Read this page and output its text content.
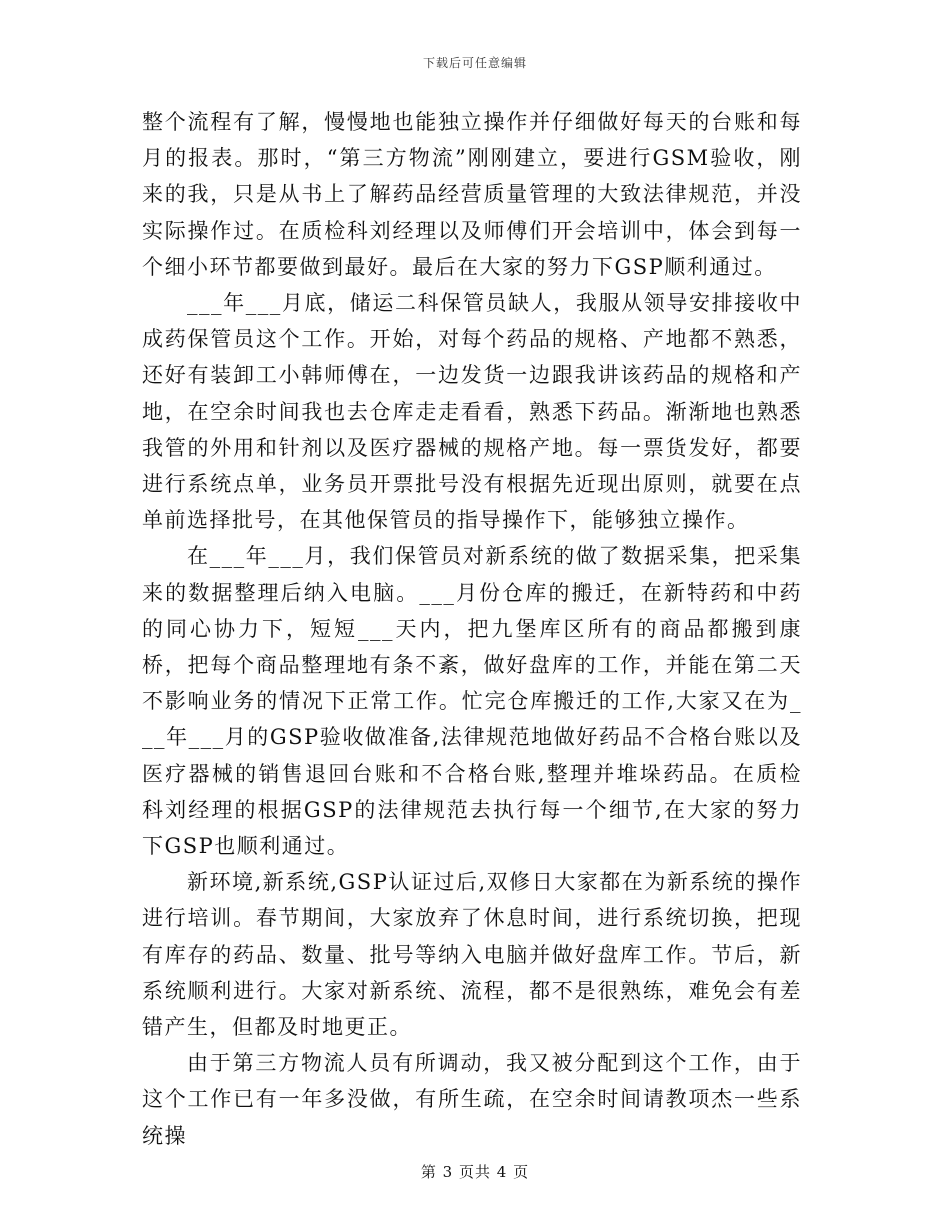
下载后可任意编辑

整个流程有了解，慢慢地也能独立操作并仔细做好每天的台账和每月的报表。那时，“第三方物流”刚刚建立，要进行GSM验收，刚来的我，只是从书上了解药品经营质量管理的大致法律规范，并没实际操作过。在质检科刘经理以及师傅们开会培训中，体会到每一个细小环节都要做到最好。最后在大家的努力下GSP顺利通过。

___年___月底，储运二科保管员缺人，我服从领导安排接收中成药保管员这个工作。开始，对每个药品的规格、产地都不熟悉，还好有装卸工小韩师傅在，一边发货一边跟我讲该药品的规格和产地，在空余时间我也去仓库走走看看，熟悉下药品。渐渐地也熟悉我管的外用和针剂以及医疗器械的规格产地。每一票货发好，都要进行系统点单，业务员开票批号没有根据先近现出原则，就要在点单前选择批号，在其他保管员的指导操作下，能够独立操作。

在___年___月，我们保管员对新系统的做了数据采集，把采集来的数据整理后纳入电脑。___月份仓库的搬迁，在新特药和中药的同心协力下，短短___天内，把九堡库区所有的商品都搬到康桥，把每个商品整理地有条不紊，做好盘库的工作，并能在第二天不影响业务的情况下正常工作。忙完仓库搬迁的工作,大家又在为___年___月的GSP验收做准备,法律规范地做好药品不合格台账以及医疗器械的销售退回台账和不合格台账,整理并堆垛药品。在质检科刘经理的根据GSP的法律规范去执行每一个细节,在大家的努力下GSP也顺利通过。

新环境,新系统,GSP认证过后,双修日大家都在为新系统的操作进行培训。春节期间，大家放弃了休息时间，进行系统切换，把现有库存的药品、数量、批号等纳入电脑并做好盘库工作。节后，新系统顺利进行。大家对新系统、流程，都不是很熟练，难免会有差错产生，但都及时地更正。

由于第三方物流人员有所调动，我又被分配到这个工作，由于这个工作已有一年多没做，有所生疏，在空余时间请教项杰一些系统操

第 3 页共 4 页
